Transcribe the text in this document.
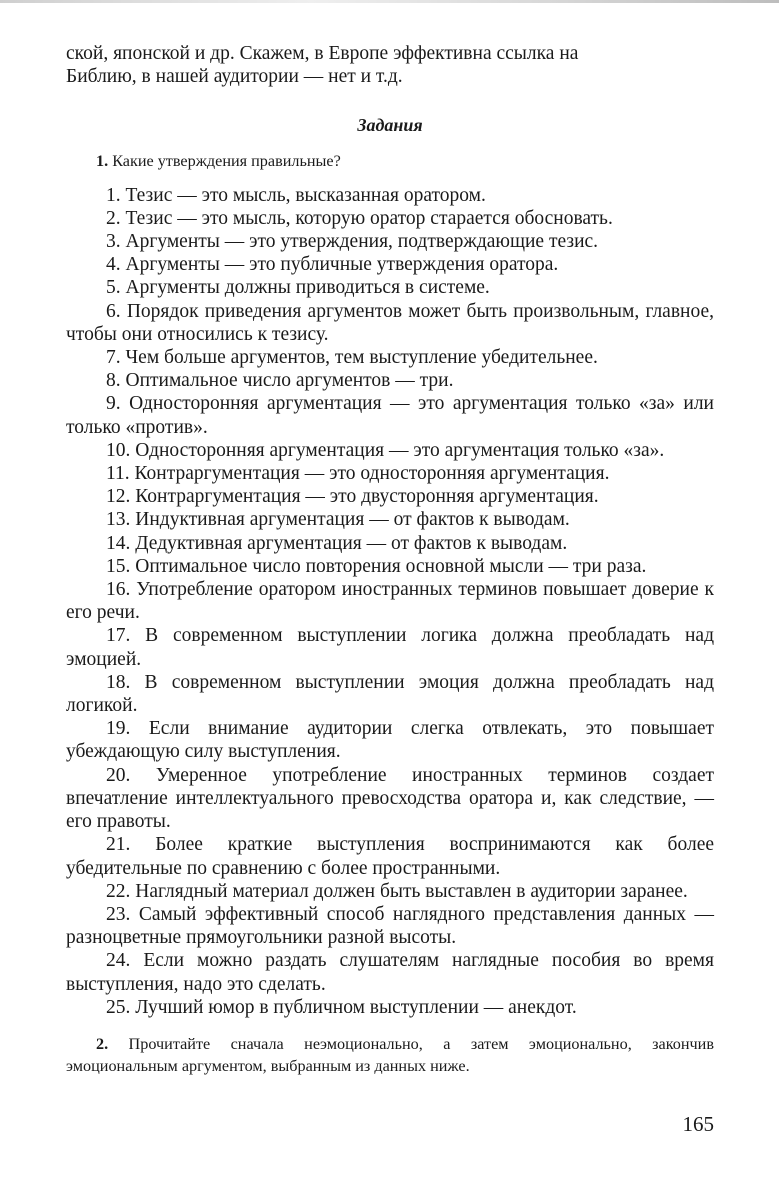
ской, японской и др. Скажем, в Европе эффективна ссылка на

Библию, в нашей аудитории — нет и т.д.

Задания

1. Какие утверждения правильные?

1. Тезис — это мысль, высказанная оратором.

2. Тезис — это мысль, которую оратор старается обосновать.

3. Аргументы — это утверждения, подтверждающие тезис.

4. Аргументы — это публичные утверждения оратора.

5. Аргументы должны приводиться в системе.

6. Порядок приведения аргументов может быть произвольным, главное, чтобы они относились к тезису.

7. Чем больше аргументов, тем выступление убедительнее.

8. Оптимальное число аргументов — три.

9. Односторонняя аргументация — это аргументация только «за» или только «против».

10. Односторонняя аргументация — это аргументация только «за».

11. Контраргументация — это односторонняя аргументация.

12. Контраргументация — это двусторонняя аргументация.

13. Индуктивная аргументация — от фактов к выводам.

14. Дедуктивная аргументация — от фактов к выводам.

15. Оптимальное число повторения основной мысли — три раза.

16. Употребление оратором иностранных терминов повышает доверие к его речи.

17. В современном выступлении логика должна преобладать над эмоцией.

18. В современном выступлении эмоция должна преобладать над логикой.

19. Если внимание аудитории слегка отвлекать, это повышает убеждающую силу выступления.

20. Умеренное употребление иностранных терминов создает впечатление интеллектуального превосходства оратора и, как следствие, — его правоты.

21. Более краткие выступления воспринимаются как более убедительные по сравнению с более пространными.

22. Наглядный материал должен быть выставлен в аудитории заранее.

23. Самый эффективный способ наглядного представления данных — разноцветные прямоугольники разной высоты.

24. Если можно раздать слушателям наглядные пособия во время выступления, надо это сделать.

25. Лучший юмор в публичном выступлении — анекдот.

2. Прочитайте сначала неэмоционально, а затем эмоционально, закончив эмоциональным аргументом, выбранным из данных ниже.

165
